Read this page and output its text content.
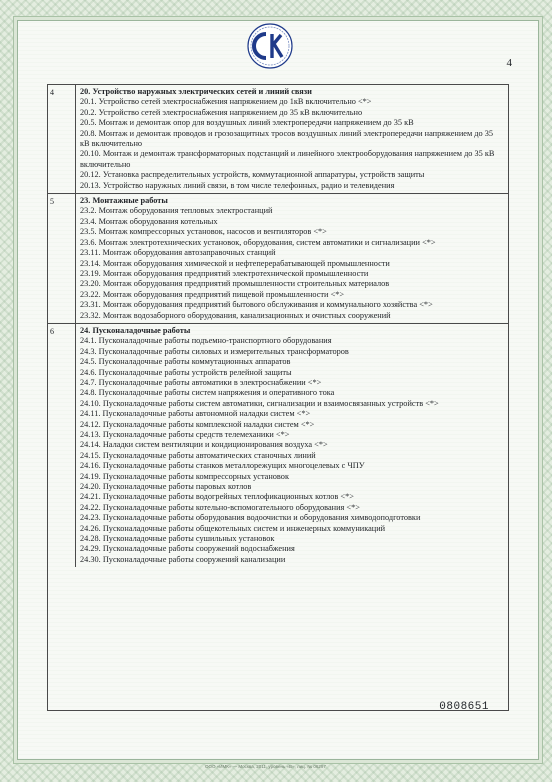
4
4	20. Устройство наружных электрических сетей и линий связи
20.1. Устройство сетей электроснабжения напряжением до 1кВ включительно <*>
20.2. Устройство сетей электроснабжения напряжением до 35 кВ включительно
20.5. Монтаж и демонтаж опор для воздушных линий электропередачи напряжением до 35 кВ
20.8. Монтаж и демонтаж проводов и грозозащитных тросов воздушных линий электропередачи напряжением до 35 кВ включительно
20.10. Монтаж и демонтаж трансформаторных подстанций и линейного электрооборудования напряжением до 35 кВ включительно
20.12. Установка распределительных устройств, коммутационной аппаратуры, устройств защиты
20.13. Устройство наружных линий связи, в том числе телефонных, радио и телевидения
5	23. Монтажные работы
23.2. Монтаж оборудования тепловых электростанций
23.4. Монтаж оборудования котельных
23.5. Монтаж компрессорных установок, насосов и вентиляторов <*>
23.6. Монтаж электротехнических установок, оборудования, систем автоматики и сигнализации <*>
23.11. Монтаж оборудования автозаправочных станций
23.14. Монтаж оборудования химической и нефтеперерабатывающей промышленности
23.19. Монтаж оборудования предприятий электротехнической промышленности
23.20. Монтаж оборудования предприятий промышленности строительных материалов
23.22. Монтаж оборудования предприятий пищевой промышленности <*>
23.31. Монтаж оборудования предприятий бытового обслуживания и коммунального хозяйства <*>
23.32. Монтаж водозаборного оборудования, канализационных и очистных сооружений
6	24. Пусконаладочные работы
24.1. Пусконаладочные работы подъемно-транспортного оборудования
24.3. Пусконаладочные работы силовых и измерительных трансформаторов
24.5. Пусконаладочные работы коммутационных аппаратов
24.6. Пусконаладочные работы устройств релейной защиты
24.7. Пусконаладочные работы автоматики в электроснабжении <*>
24.8. Пусконаладочные работы систем напряжения и оперативного тока
24.10. Пусконаладочные работы систем автоматики, сигнализации и взаимосвязанных устройств <*>
24.11. Пусконаладочные работы автономной наладки систем <*>
24.12. Пусконаладочные работы комплексной наладки систем <*>
24.13. Пусконаладочные работы средств телемеханики <*>
24.14. Наладки систем вентиляции и кондиционирования воздуха <*>
24.15. Пусконаладочные работы автоматических станочных линий
24.16. Пусконаладочные работы станков металлорежущих многоцелевых с ЧПУ
24.19. Пусконаладочные работы компрессорных установок
24.20. Пусконаладочные работы паровых котлов
24.21. Пусконаладочные работы водогрейных теплофикационных котлов <*>
24.22. Пусконаладочные работы котельно-вспомогательного оборудования <*>
24.23. Пусконаладочные работы оборудования водоочистки и оборудования химводоподготовки
24.26. Пусконаладочные работы общекотельных систем и инженерных коммуникаций
24.28. Пусконаладочные работы сушильных установок
24.29. Пусконаладочные работы сооружений водоснабжения
24.30. Пусконаладочные работы сооружений канализации
0808651
ООО «ИМК» — Москва, 2011, уровень «В», лиц. № 06297
